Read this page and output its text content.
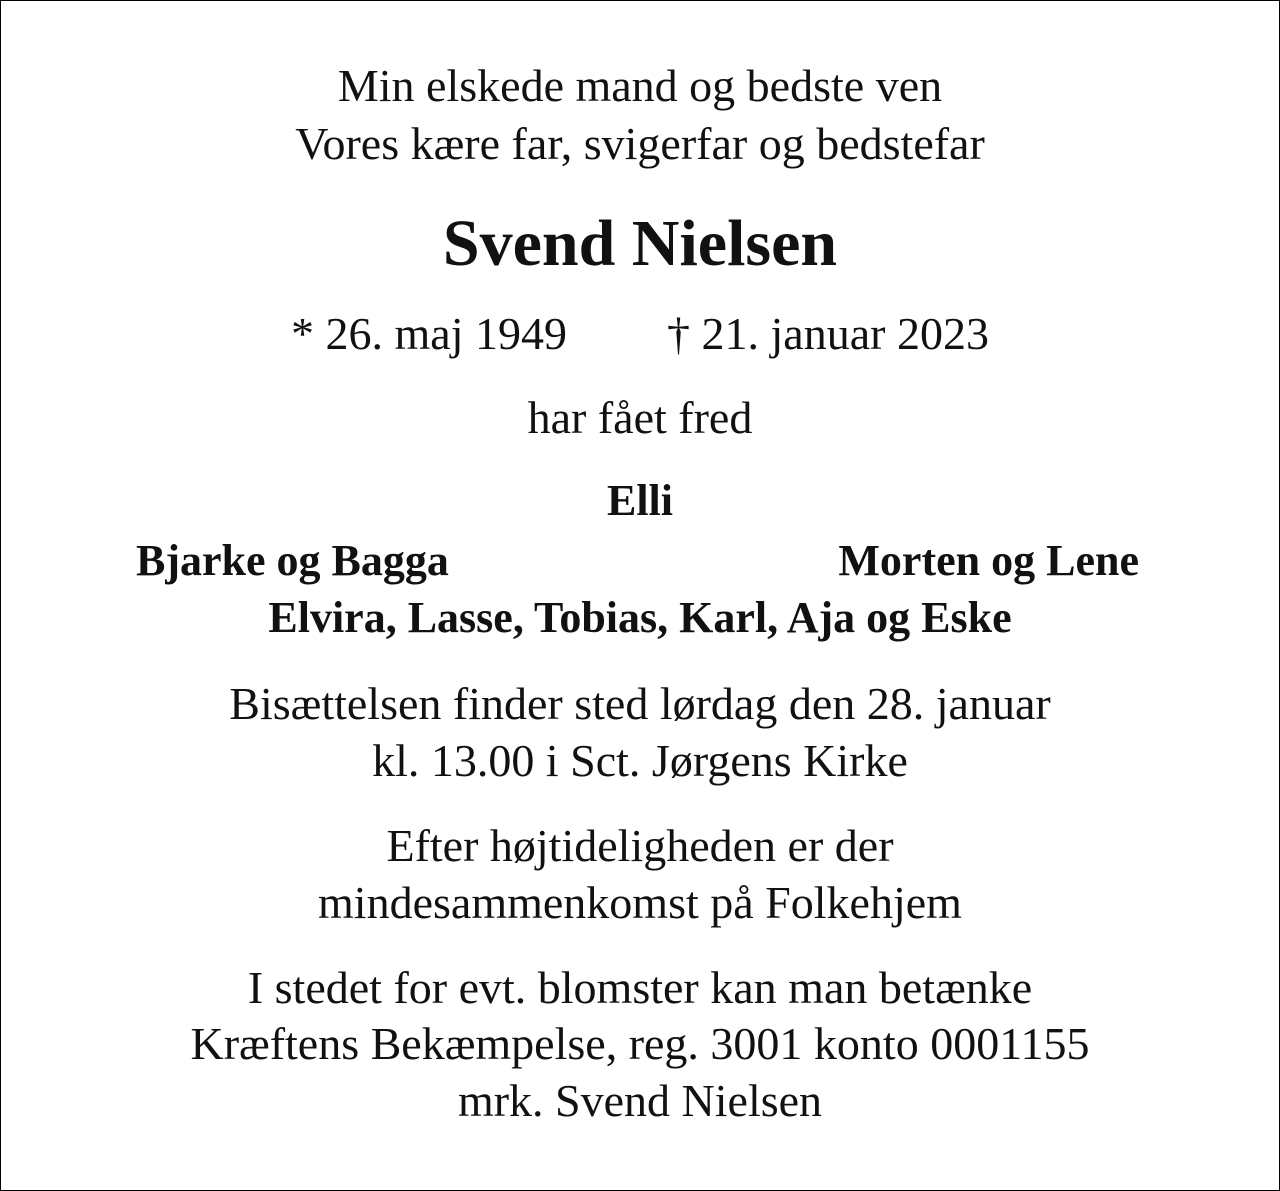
Min elskede mand og bedste ven
Vores kære far, svigerfar og bedstefar
Svend Nielsen
* 26. maj 1949 † 21. januar 2023
har fået fred
Elli
Bjarke og Bagga	Morten og Lene
Elvira, Lasse, Tobias, Karl, Aja og Eske
Bisættelsen finder sted lørdag den 28. januar
kl. 13.00 i Sct. Jørgens Kirke
Efter højtideligheden er der
mindesammenkomst på Folkehjem
I stedet for evt. blomster kan man betænke
Kræftens Bekæmpelse, reg. 3001 konto 0001155
mrk. Svend Nielsen
